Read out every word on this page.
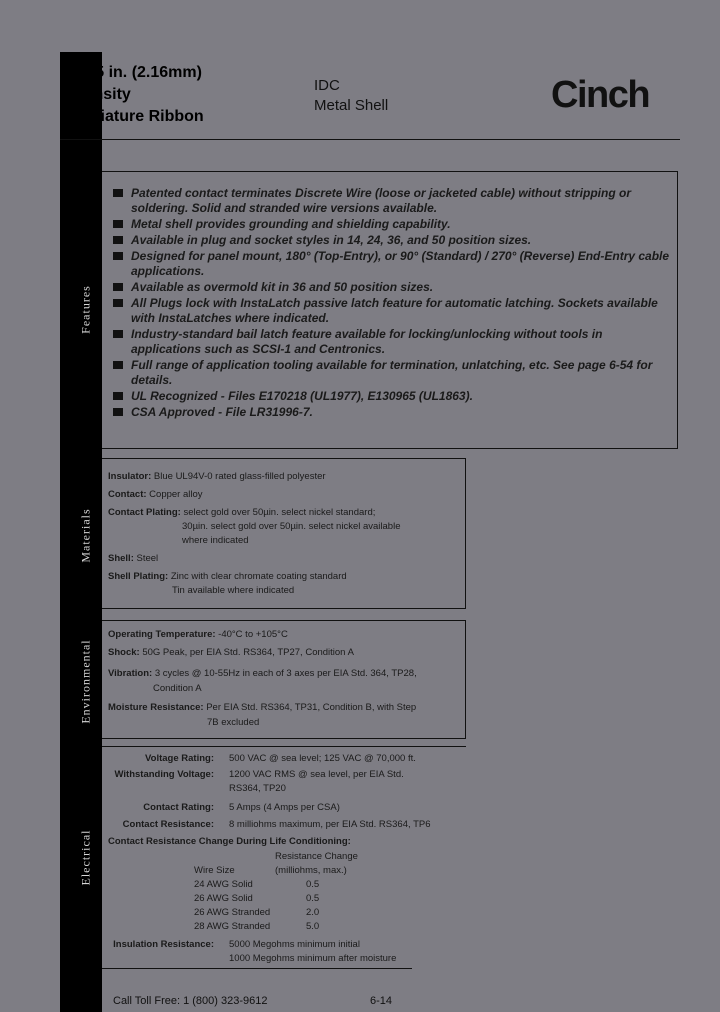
.085 in. (2.16mm)
Density
Miniature Ribbon
IDC
Metal Shell	Cinch
Features
Patented contact terminates Discrete Wire (loose or jacketed cable) without stripping or soldering. Solid and stranded wire versions available.
Metal shell provides grounding and shielding capability.
Available in plug and socket styles in 14, 24, 36, and 50 position sizes.
Designed for panel mount, 180° (Top-Entry), or 90° (Standard) / 270° (Reverse) End-Entry cable applications.
Available as overmold kit in 36 and 50 position sizes.
All Plugs lock with InstaLatch passive latch feature for automatic latching. Sockets available with InstaLatches where indicated.
Industry-standard bail latch feature available for locking/unlocking without tools in applications such as SCSI-1 and Centronics.
Full range of application tooling available for termination, unlatching, etc. See page 6-54 for details.
UL Recognized - Files E170218 (UL1977), E130965 (UL1863).
CSA Approved - File LR31996-7.
Materials
Insulator: Blue UL94V-0 rated glass-filled polyester
Contact: Copper alloy
Contact Plating: select gold over 50µin. select nickel standard;
30µin. select gold over 50µin. select nickel available
where indicated
Shell: Steel
Shell Plating: Zinc with clear chromate coating standard
Tin available where indicated
Environmental
Operating Temperature: -40°C to +105°C
Shock: 50G Peak, per EIA Std. RS364, TP27, Condition A
Vibration: 3 cycles @ 10-55Hz in each of 3 axes per EIA Std. 364, TP28,
Condition A
Moisture Resistance: Per EIA Std. RS364, TP31, Condition B, with Step
7B excluded
Electrical
Voltage Rating: 500 VAC @ sea level; 125 VAC @ 70,000 ft.
Withstanding Voltage: 1200 VAC RMS @ sea level, per EIA Std.
RS364, TP20
Contact Rating: 5 Amps (4 Amps per CSA)
Contact Resistance: 8 milliohms maximum, per EIA Std. RS364, TP6
Contact Resistance Change During Life Conditioning:
Resistance Change
Wire Size	(milliohms, max.)
24 AWG Solid	0.5
26 AWG Solid	0.5
26 AWG Stranded	2.0
28 AWG Stranded	5.0
Insulation Resistance: 5000 Megohms minimum initial
1000 Megohms minimum after moisture
Call Toll Free: 1 (800) 323-9612	6-14
